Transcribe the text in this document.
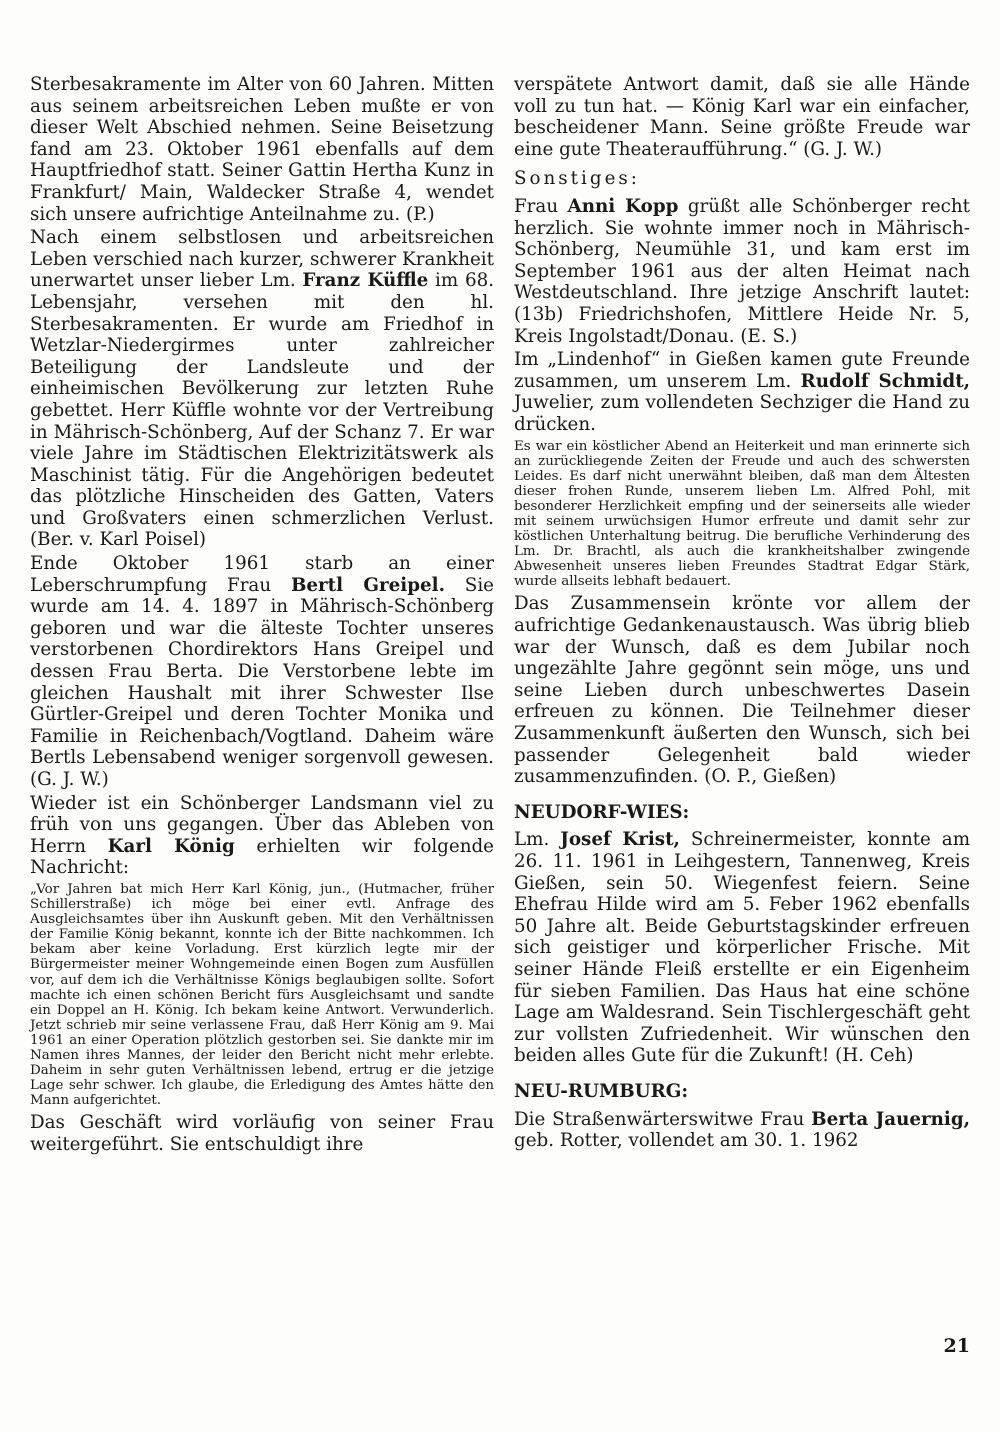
Sterbesakramente im Alter von 60 Jahren. Mitten aus seinem arbeitsreichen Leben mußte er von dieser Welt Abschied nehmen. Seine Beisetzung fand am 23. Oktober 1961 ebenfalls auf dem Hauptfriedhof statt. Seiner Gattin Hertha Kunz in Frankfurt/ Main, Waldecker Straße 4, wendet sich unsere aufrichtige Anteilnahme zu. (P.)

Nach einem selbstlosen und arbeitsreichen Leben verschied nach kurzer, schwerer Krankheit unerwartet unser lieber Lm. Franz Küffle im 68. Lebensjahr, versehen mit den hl. Sterbesakramenten. Er wurde am Friedhof in Wetzlar-Niedergirmes unter zahlreicher Beteiligung der Landsleute und der einheimischen Bevölkerung zur letzten Ruhe gebettet. Herr Küffle wohnte vor der Vertreibung in Mährisch-Schönberg, Auf der Schanz 7. Er war viele Jahre im Städtischen Elektrizitätswerk als Maschinist tätig. Für die Angehörigen bedeutet das plötzliche Hinscheiden des Gatten, Vaters und Großvaters einen schmerzlichen Verlust. (Ber. v. Karl Poisel)

Ende Oktober 1961 starb an einer Leberschrumpfung Frau Bertl Greipel. Sie wurde am 14. 4. 1897 in Mährisch-Schönberg geboren und war die älteste Tochter unseres verstorbenen Chordirektors Hans Greipel und dessen Frau Berta. Die Verstorbene lebte im gleichen Haushalt mit ihrer Schwester Ilse Gürtler-Greipel und deren Tochter Monika und Familie in Reichenbach/Vogtland. Daheim wäre Bertls Lebensabend weniger sorgenvoll gewesen. (G. J. W.)

Wieder ist ein Schönberger Landsmann viel zu früh von uns gegangen. Über das Ableben von Herrn Karl König erhielten wir folgende Nachricht:

„Vor Jahren bat mich Herr Karl König, jun., (Hutmacher, früher Schillerstraße) ich möge bei einer evtl. Anfrage des Ausgleichsamtes über ihn Auskunft geben. Mit den Verhältnissen der Familie König bekannt, konnte ich der Bitte nachkommen. Ich bekam aber keine Vorladung. Erst kürzlich legte mir der Bürgermeister meiner Wohngemeinde einen Bogen zum Ausfüllen vor, auf dem ich die Verhältnisse Königs beglaubigen sollte. Sofort machte ich einen schönen Bericht fürs Ausgleichsamt und sandte ein Doppel an H. König. Ich bekam keine Antwort. Verwunderlich. Jetzt schrieb mir seine verlassene Frau, daß Herr König am 9. Mai 1961 an einer Operation plötzlich gestorben sei. Sie dankte mir im Namen ihres Mannes, der leider den Bericht nicht mehr erlebte. Daheim in sehr guten Verhältnissen lebend, ertrug er die jetzige Lage sehr schwer. Ich glaube, die Erledigung des Amtes hätte den Mann aufgerichtet.

Das Geschäft wird vorläufig von seiner Frau weitergeführt. Sie entschuldigt ihre

verspätete Antwort damit, daß sie alle Hände voll zu tun hat. — König Karl war ein einfacher, bescheidener Mann. Seine größte Freude war eine gute Theateraufführung.“ (G. J. W.)

Sonstiges:

Frau Anni Kopp grüßt alle Schönberger recht herzlich. Sie wohnte immer noch in Mährisch-Schönberg, Neumühle 31, und kam erst im September 1961 aus der alten Heimat nach Westdeutschland. Ihre jetzige Anschrift lautet: (13b) Friedrichshofen, Mittlere Heide Nr. 5, Kreis Ingolstadt/Donau. (E. S.)

Im „Lindenhof“ in Gießen kamen gute Freunde zusammen, um unserem Lm. Rudolf Schmidt, Juwelier, zum vollendeten Sechziger die Hand zu drücken.

Es war ein köstlicher Abend an Heiterkeit und man erinnerte sich an zurückliegende Zeiten der Freude und auch des schwersten Leides. Es darf nicht unerwähnt bleiben, daß man dem Ältesten dieser frohen Runde, unserem lieben Lm. Alfred Pohl, mit besonderer Herzlichkeit empfing und der seinerseits alle wieder mit seinem urwüchsigen Humor erfreute und damit sehr zur köstlichen Unterhaltung beitrug. Die berufliche Verhinderung des Lm. Dr. Brachtl, als auch die krankheitshalber zwingende Abwesenheit unseres lieben Freundes Stadtrat Edgar Stärk, wurde allseits lebhaft bedauert.

Das Zusammensein krönte vor allem der aufrichtige Gedankenaustausch. Was übrig blieb war der Wunsch, daß es dem Jubilar noch ungezählte Jahre gegönnt sein möge, uns und seine Lieben durch unbeschwertes Dasein erfreuen zu können. Die Teilnehmer dieser Zusammenkunft äußerten den Wunsch, sich bei passender Gelegenheit bald wieder zusammenzufinden. (O. P., Gießen)

NEUDORF-WIES:

Lm. Josef Krist, Schreinermeister, konnte am 26. 11. 1961 in Leihgestern, Tannenweg, Kreis Gießen, sein 50. Wiegenfest feiern. Seine Ehefrau Hilde wird am 5. Feber 1962 ebenfalls 50 Jahre alt. Beide Geburtstagskinder erfreuen sich geistiger und körperlicher Frische. Mit seiner Hände Fleiß erstellte er ein Eigenheim für sieben Familien. Das Haus hat eine schöne Lage am Waldesrand. Sein Tischlergeschäft geht zur vollsten Zufriedenheit. Wir wünschen den beiden alles Gute für die Zukunft! (H. Ceh)

NEU-RUMBURG:

Die Straßenwärterswitwe Frau Berta Jauernig, geb. Rotter, vollendet am 30. 1. 1962

21
